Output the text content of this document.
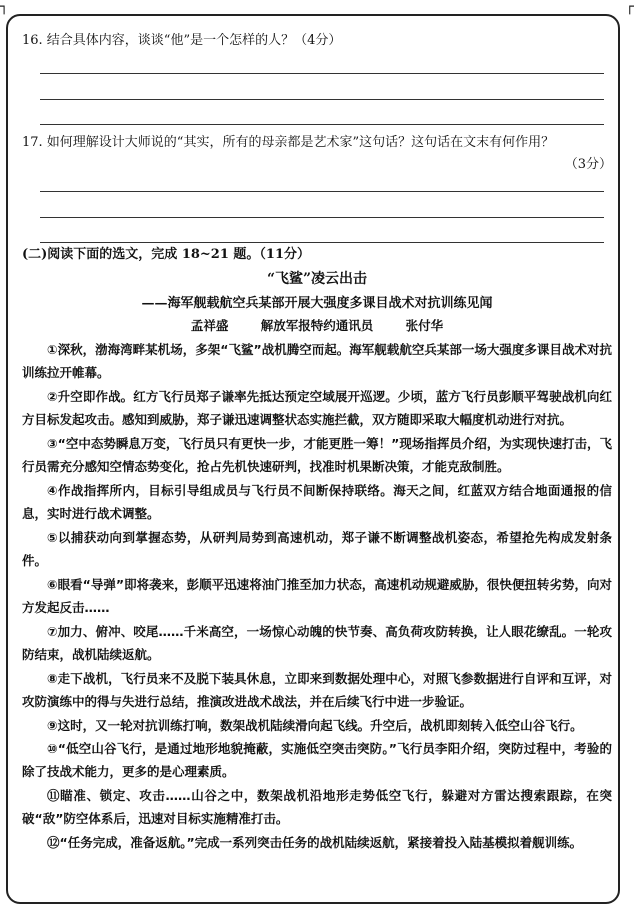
┐	┌
16. 结合具体内容，谈谈“他”是一个怎样的人？（4分）
17. 如何理解设计大师说的“其实，所有的母亲都是艺术家”这句话？这句话在文末有何作用？
（3分）
(二)阅读下面的选文，完成 18~21 题。（11分）
“飞鲨”凌云出击
——海军舰载航空兵某部开展大强度多课目战术对抗训练见闻
孟祥盛	解放军报特约通讯员	张付华
①深秋，渤海湾畔某机场，多架“飞鲨”战机腾空而起。海军舰载航空兵某部一场大强度多课目战术对抗训练拉开帷幕。
②升空即作战。红方飞行员郑子谦率先抵达预定空域展开巡逻。少顷，蓝方飞行员彭顺平驾驶战机向红方目标发起攻击。感知到威胁，郑子谦迅速调整状态实施拦截，双方随即采取大幅度机动进行对抗。
③“空中态势瞬息万变，飞行员只有更快一步，才能更胜一筹！”现场指挥员介绍，为实现快速打击，飞行员需充分感知空情态势变化，抢占先机快速研判，找准时机果断决策，才能克敌制胜。
④作战指挥所内，目标引导组成员与飞行员不间断保持联络。海天之间，红蓝双方结合地面通报的信息，实时进行战术调整。
⑤以捕获动向到掌握态势，从研判局势到高速机动，郑子谦不断调整战机姿态，希望抢先构成发射条件。
⑥眼看“导弹”即将袭来，彭顺平迅速将油门推至加力状态，高速机动规避威胁，很快便扭转劣势，向对方发起反击……
⑦加力、俯冲、咬尾……千米高空，一场惊心动魄的快节奏、高负荷攻防转换，让人眼花缭乱。一轮攻防结束，战机陆续返航。
⑧走下战机，飞行员来不及脱下装具休息，立即来到数据处理中心，对照飞参数据进行自评和互评，对攻防演练中的得与失进行总结，推演改进战术战法，并在后续飞行中进一步验证。
⑨这时，又一轮对抗训练打响，数架战机陆续滑向起飞线。升空后，战机即刻转入低空山谷飞行。
⑩“低空山谷飞行，是通过地形地貌掩蔽，实施低空突击突防。”飞行员李阳介绍，突防过程中，考验的除了技战术能力，更多的是心理素质。
⑪瞄准、锁定、攻击……山谷之中，数架战机沿地形走势低空飞行，躲避对方雷达搜索跟踪，在突破“敌”防空体系后，迅速对目标实施精准打击。
⑫“任务完成，准备返航。”完成一系列突击任务的战机陆续返航，紧接着投入陆基模拟着舰训练。
